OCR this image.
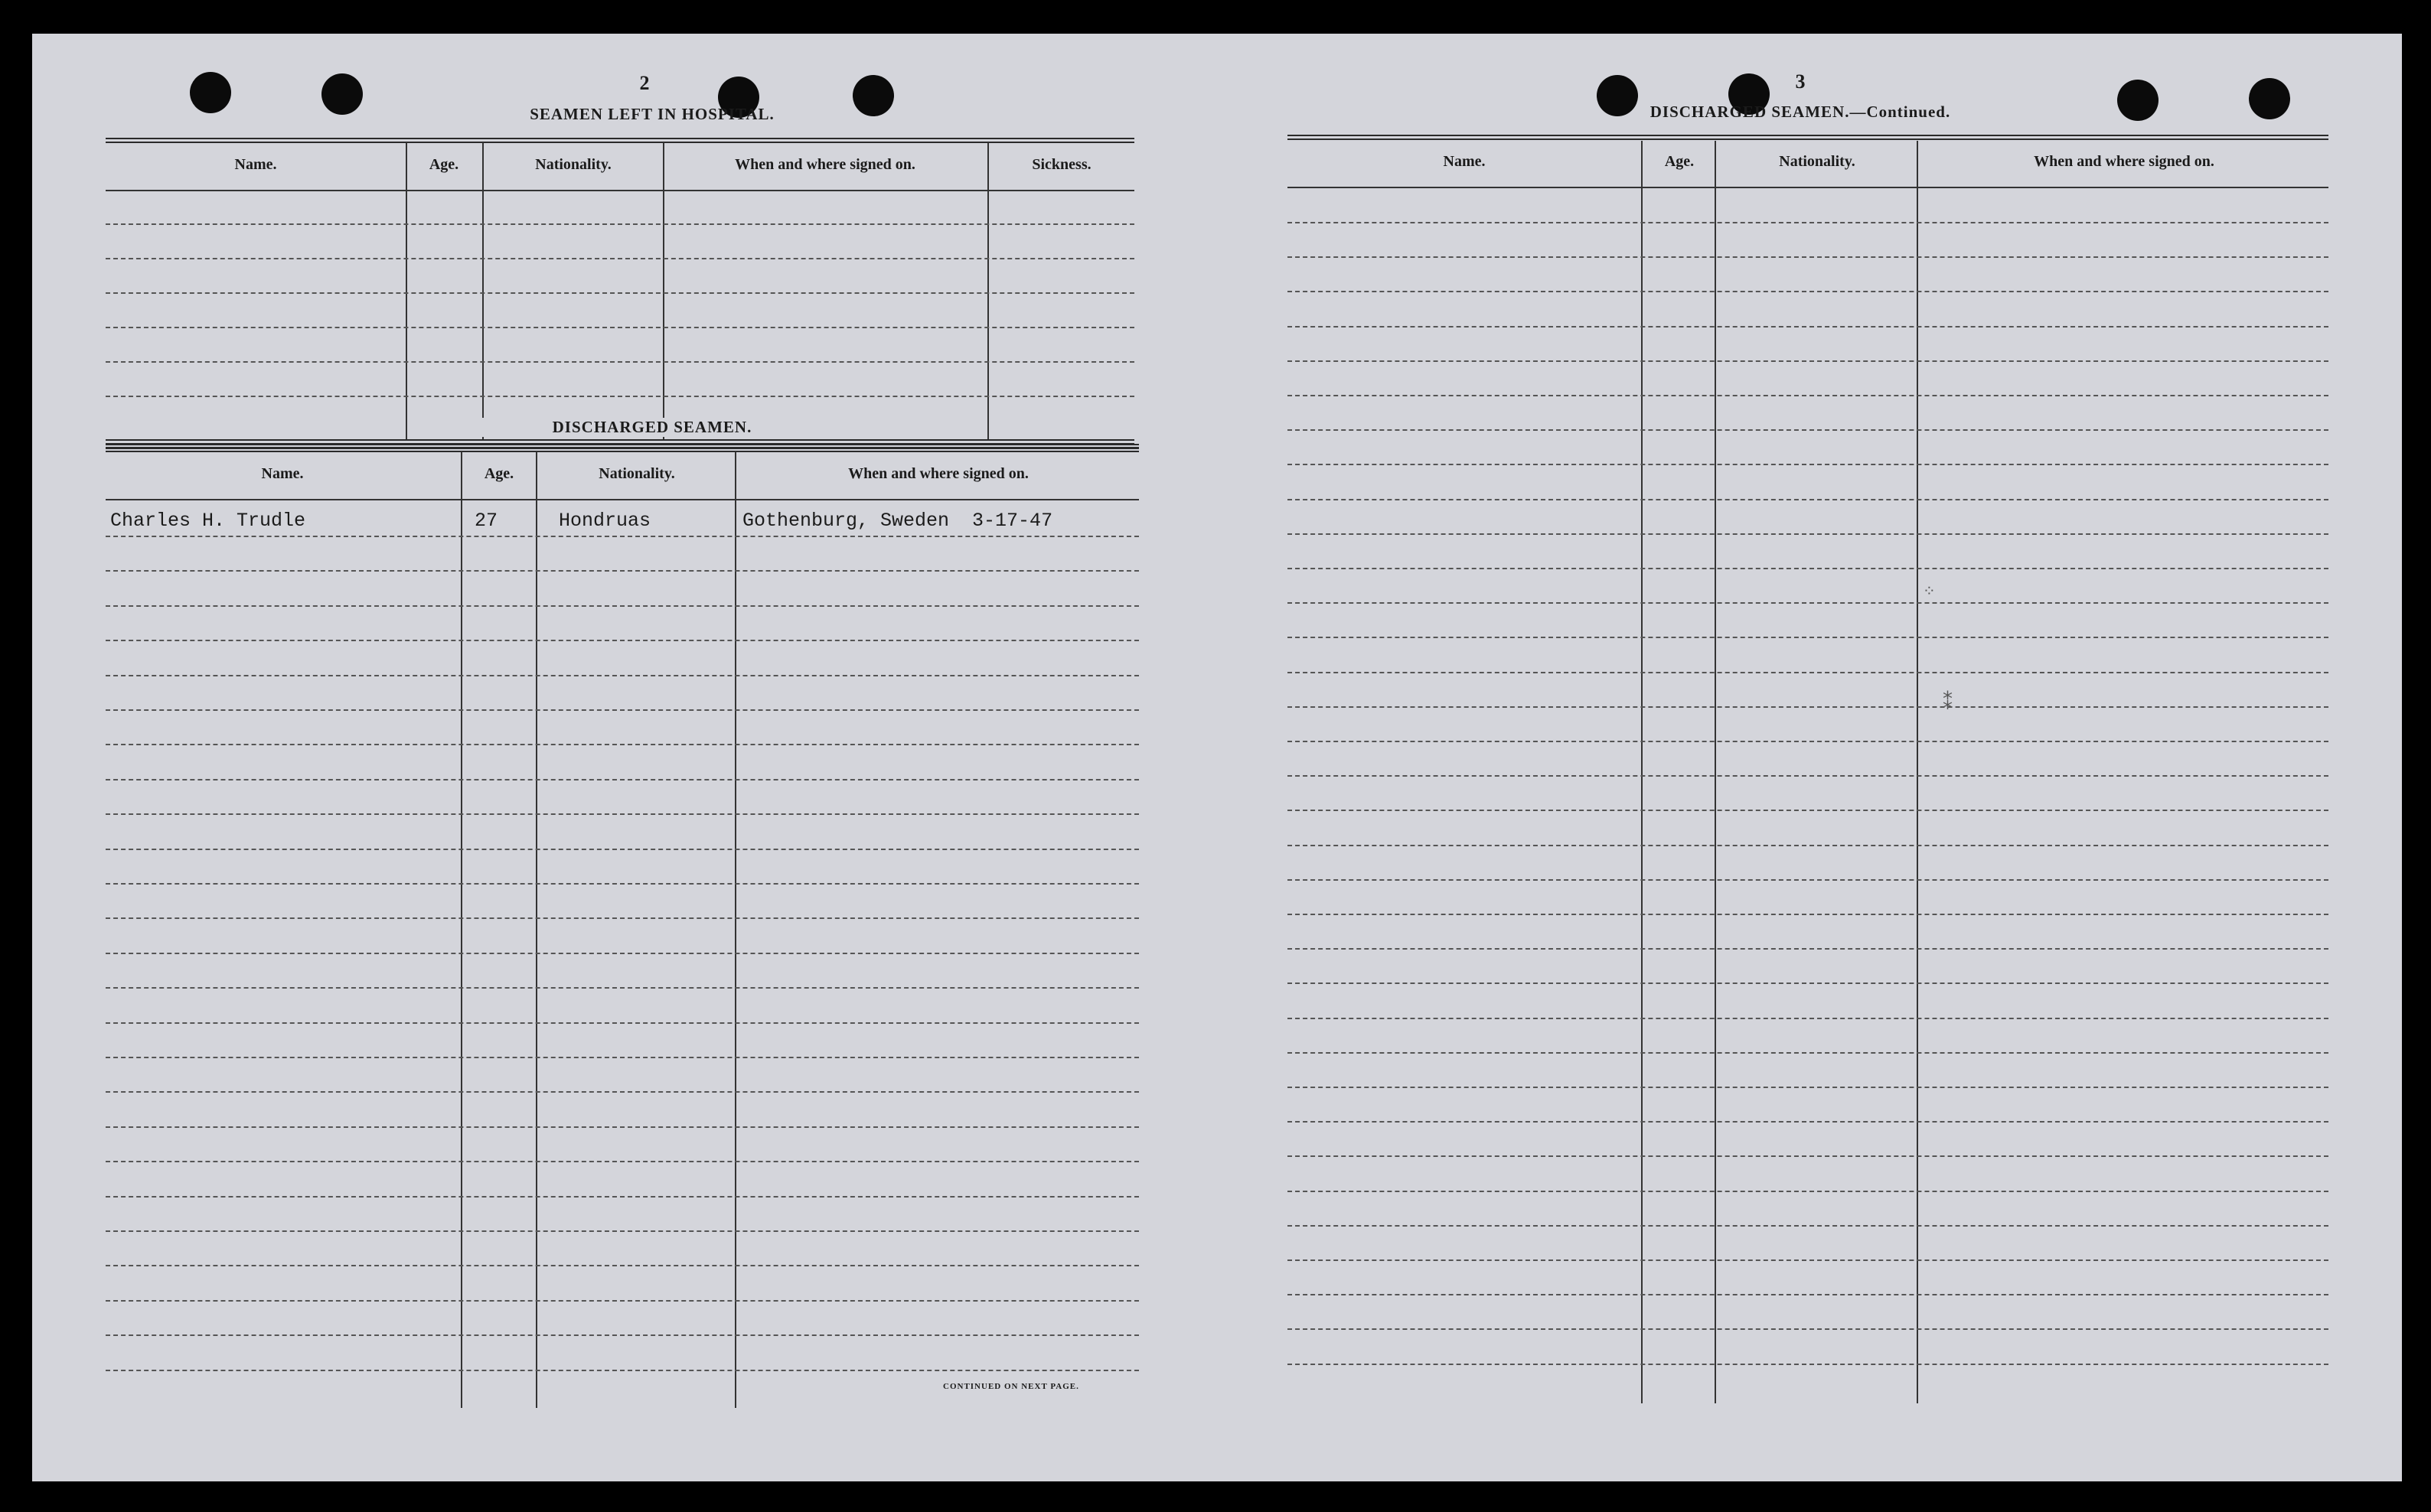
2
SEAMEN LEFT IN HOSPITAL.
Name.	Age.	Nationality.	When and where signed on.	Sickness.
DISCHARGED SEAMEN.
Name.	Age.	Nationality.	When and where signed on.
Charles H. Trudle	27	Hondruas	Gothenburg, Sweden  3-17-47
CONTINUED ON NEXT PAGE.
3
DISCHARGED SEAMEN.—Continued.
Name.	Age.	Nationality.	When and where signed on.
⁘
⁑
